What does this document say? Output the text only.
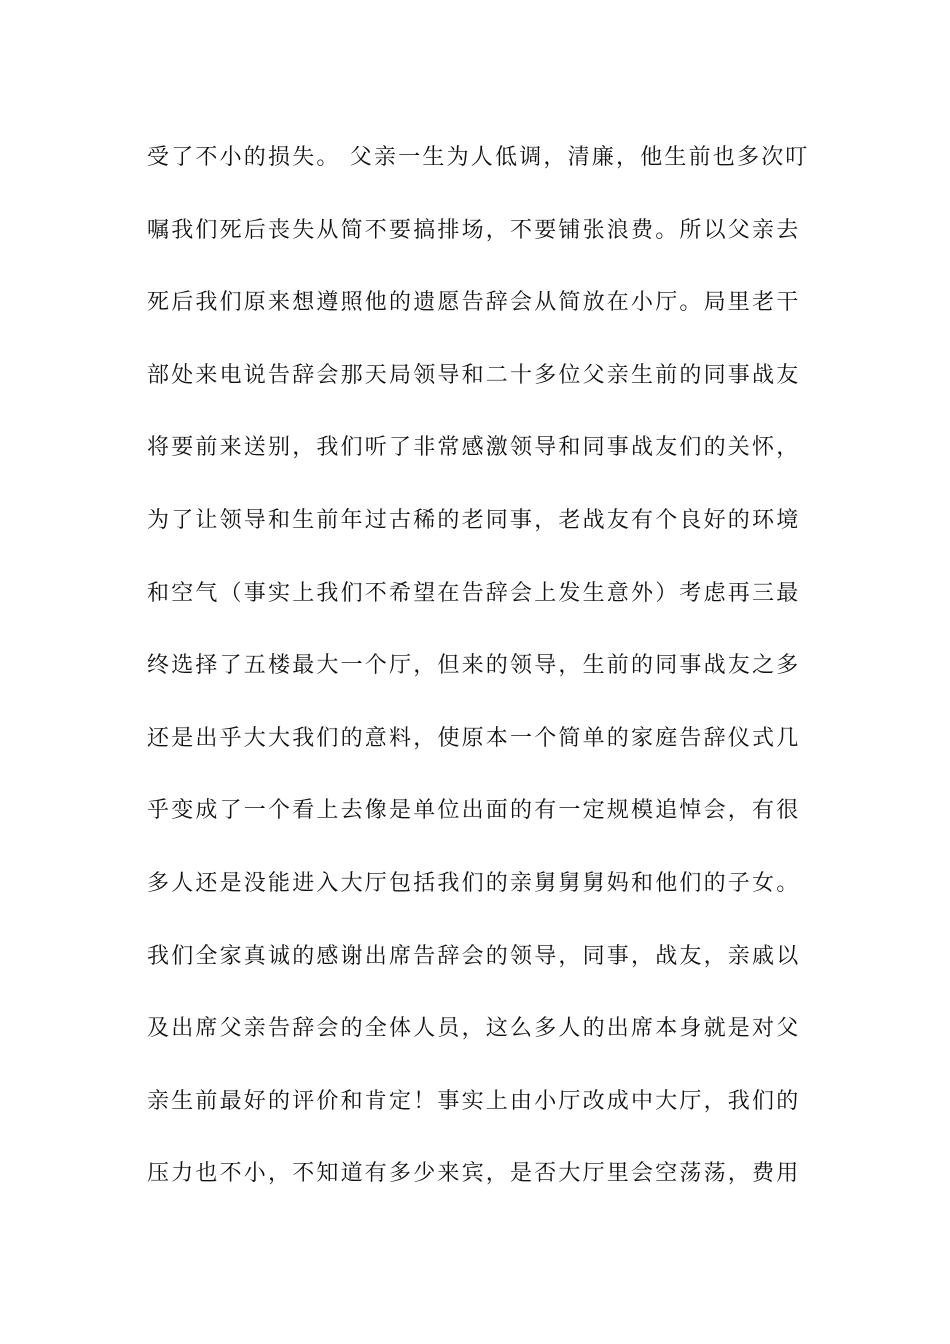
受了不小的损失。 父亲一生为人低调，清廉，他生前也多次叮
嘱我们死后丧失从简不要搞排场，不要铺张浪费。所以父亲去
死后我们原来想遵照他的遗愿告辞会从简放在小厅。局里老干
部处来电说告辞会那天局领导和二十多位父亲生前的同事战友
将要前来送别，我们听了非常感激领导和同事战友们的关怀，
为了让领导和生前年过古稀的老同事，老战友有个良好的环境
和空气（事实上我们不希望在告辞会上发生意外）考虑再三最
终选择了五楼最大一个厅，但来的领导，生前的同事战友之多
还是出乎大大我们的意料，使原本一个简单的家庭告辞仪式几
乎变成了一个看上去像是单位出面的有一定规模追悼会，有很
多人还是没能进入大厅包括我们的亲舅舅舅妈和他们的子女。
我们全家真诚的感谢出席告辞会的领导，同事，战友，亲戚以
及出席父亲告辞会的全体人员，这么多人的出席本身就是对父
亲生前最好的评价和肯定！事实上由小厅改成中大厅，我们的
压力也不小，不知道有多少来宾，是否大厅里会空荡荡，费用
